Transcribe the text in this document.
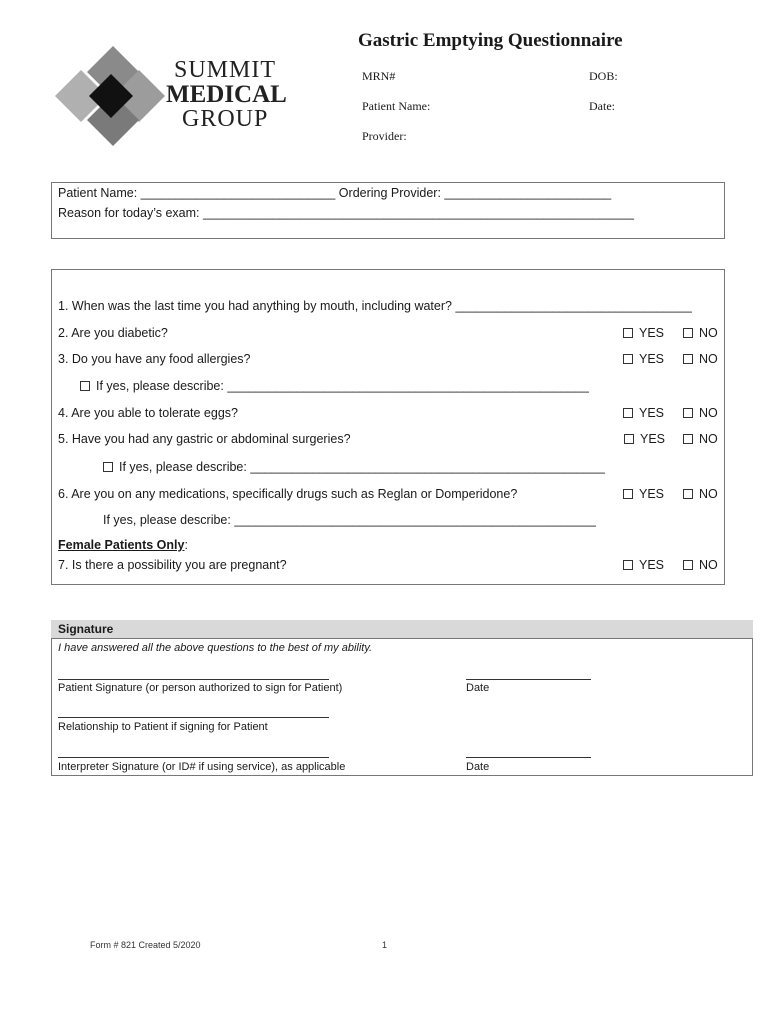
SUMMIT
MEDICAL
GROUP
Gastric Emptying Questionnaire
MRN#	DOB:
Patient Name:	Date:
Provider:
Patient Name: ____________________________ Ordering Provider: ________________________
Reason for today’s exam: ______________________________________________________________
1. When was the last time you had anything by mouth, including water? __________________________________
2. Are you diabetic?	YES	NO
3. Do you have any food allergies?	YES	NO
If yes, please describe: ____________________________________________________
4. Are you able to tolerate eggs?	YES	NO
5. Have you had any gastric or abdominal surgeries?	YES	NO
If yes, please describe: ___________________________________________________
6. Are you on any medications, specifically drugs such as Reglan or Domperidone?	YES	NO
If yes, please describe: ____________________________________________________
Female Patients Only:
7. Is there a possibility you are pregnant?	YES	NO
Signature
I have answered all the above questions to the best of my ability.
Patient Signature (or person authorized to sign for Patient)	Date
Relationship to Patient if signing for Patient
Interpreter Signature (or ID# if using service), as applicable	Date
Form # 821 Created 5/2020	1
